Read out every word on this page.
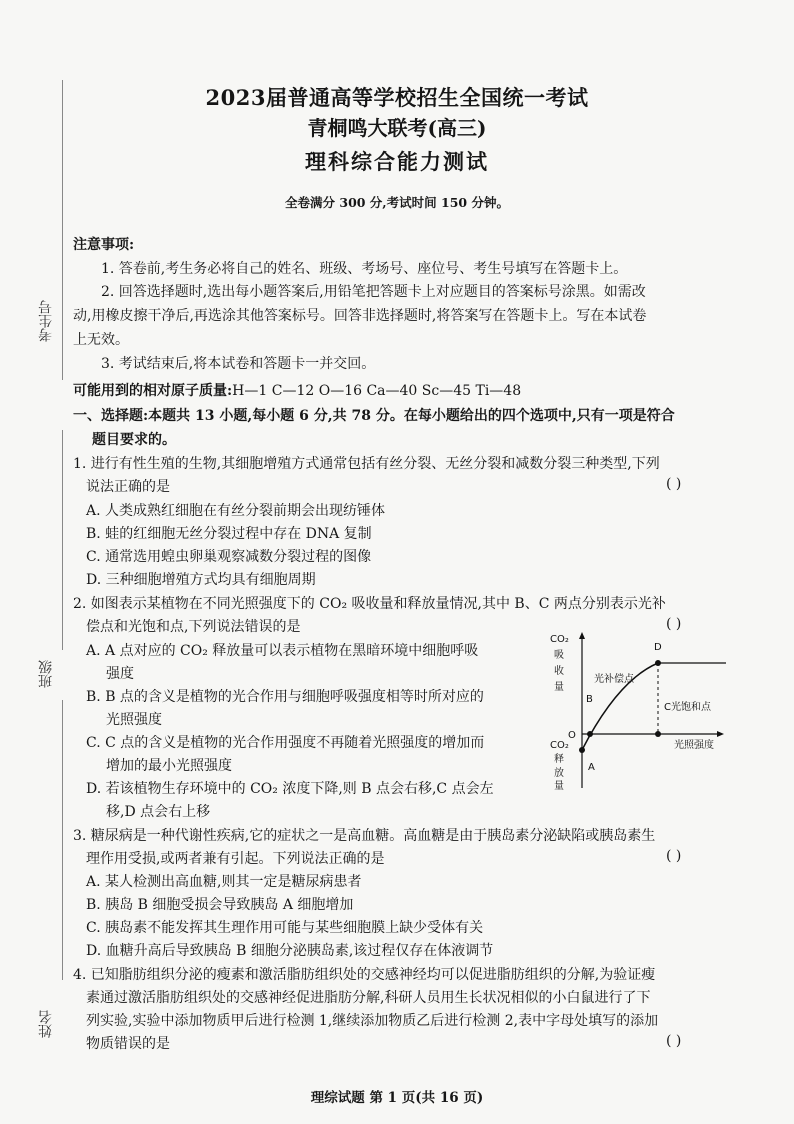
考生号
班级
姓名
2023届普通高等学校招生全国统一考试
青桐鸣大联考(高三)
理科综合能力测试
全卷满分 300 分,考试时间 150 分钟。
注意事项:
1. 答卷前,考生务必将自己的姓名、班级、考场号、座位号、考生号填写在答题卡上。
2. 回答选择题时,选出每小题答案后,用铅笔把答题卡上对应题目的答案标号涂黑。如需改
动,用橡皮擦干净后,再选涂其他答案标号。回答非选择题时,将答案写在答题卡上。写在本试卷
上无效。
3. 考试结束后,将本试卷和答题卡一并交回。
可能用到的相对原子质量:H—1 C—12 O—16 Ca—40 Sc—45 Ti—48
一、选择题:本题共 13 小题,每小题 6 分,共 78 分。在每小题给出的四个选项中,只有一项是符合
题目要求的。
1. 进行有性生殖的生物,其细胞增殖方式通常包括有丝分裂、无丝分裂和减数分裂三种类型,下列
说法正确的是	( )
A. 人类成熟红细胞在有丝分裂前期会出现纺锤体
B. 蛙的红细胞无丝分裂过程中存在 DNA 复制
C. 通常选用蝗虫卵巢观察减数分裂过程的图像
D. 三种细胞增殖方式均具有细胞周期
2. 如图表示某植物在不同光照强度下的 CO₂ 吸收量和释放量情况,其中 B、C 两点分别表示光补
偿点和光饱和点,下列说法错误的是	( )
A. A 点对应的 CO₂ 释放量可以表示植物在黑暗环境中细胞呼吸
强度
B. B 点的含义是植物的光合作用与细胞呼吸强度相等时所对应的
光照强度
C. C 点的含义是植物的光合作用强度不再随着光照强度的增加而
增加的最小光照强度
D. 若该植物生存环境中的 CO₂ 浓度下降,则 B 点会右移,C 点会左
移,D 点会右上移
CO₂
吸
收
量
CO₂
释
放
量
O
光照强度
A
B
C光饱和点
D
光补偿点
3. 糖尿病是一种代谢性疾病,它的症状之一是高血糖。高血糖是由于胰岛素分泌缺陷或胰岛素生
理作用受损,或两者兼有引起。下列说法正确的是	( )
A. 某人检测出高血糖,则其一定是糖尿病患者
B. 胰岛 B 细胞受损会导致胰岛 A 细胞增加
C. 胰岛素不能发挥其生理作用可能与某些细胞膜上缺少受体有关
D. 血糖升高后导致胰岛 B 细胞分泌胰岛素,该过程仅存在体液调节
4. 已知脂肪组织分泌的瘦素和激活脂肪组织处的交感神经均可以促进脂肪组织的分解,为验证瘦
素通过激活脂肪组织处的交感神经促进脂肪分解,科研人员用生长状况相似的小白鼠进行了下
列实验,实验中添加物质甲后进行检测 1,继续添加物质乙后进行检测 2,表中字母处填写的添加
物质错误的是	( )
理综试题 第 1 页(共 16 页)
